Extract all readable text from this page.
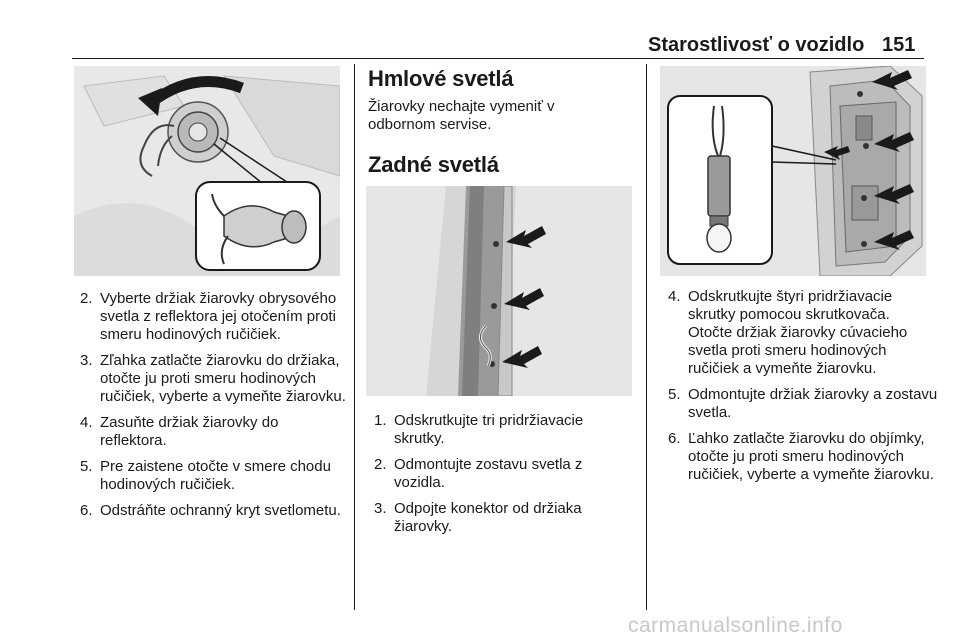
Starostlivosť o vozidlo 151
2. Vyberte držiak žiarovky obrysového svetla z reflektora jej otočením proti smeru hodinových ručičiek.
3. Zľahka zatlačte žiarovku do držiaka, otočte ju proti smeru hodinových ručičiek, vyberte a vymeňte žiarovku.
4. Zasuňte držiak žiarovky do reflektora.
5. Pre zaistene otočte v smere chodu hodinových ručičiek.
6. Odstráňte ochranný kryt svetlometu.
Hmlové svetlá
Žiarovky nechajte vymeniť v odbornom servise.
Zadné svetlá
1. Odskrutkujte tri pridržiavacie skrutky.
2. Odmontujte zostavu svetla z vozidla.
3. Odpojte konektor od držiaka žiarovky.
4. Odskrutkujte štyri pridržiavacie skrutky pomocou skrutkovača. Otočte držiak žiarovky cúvacieho svetla proti smeru hodinových ručičiek a vymeňte žiarovku.
5. Odmontujte držiak žiarovky a zostavu svetla.
6. Ľahko zatlačte žiarovku do objímky, otočte ju proti smeru hodinových ručičiek, vyberte a vymeňte žiarovku.
carmanualsonline.info
